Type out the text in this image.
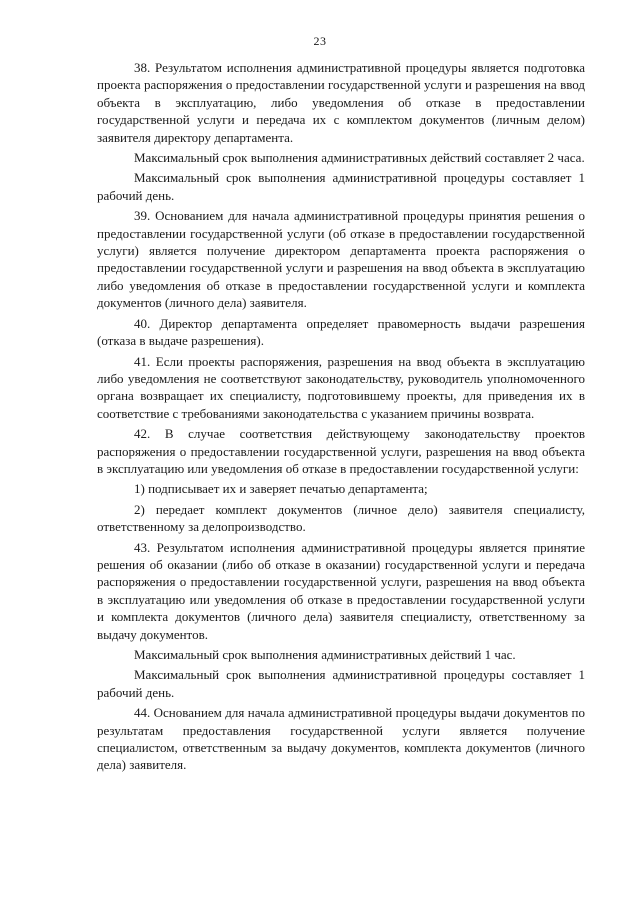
23

38. Результатом исполнения административной процедуры является подготовка проекта распоряжения о предоставлении государственной услуги и разрешения на ввод объекта в эксплуатацию, либо уведомления об отказе в предоставлении государственной услуги и передача их с комплектом документов (личным делом) заявителя директору департамента.

Максимальный срок выполнения административных действий составляет 2 часа.

Максимальный срок выполнения административной процедуры составляет 1 рабочий день.

39. Основанием для начала административной процедуры принятия решения о предоставлении государственной услуги (об отказе в предоставлении государственной услуги) является получение директором департамента проекта распоряжения о предоставлении государственной услуги и разрешения на ввод объекта в эксплуатацию либо уведомления об отказе в предоставлении государственной услуги и комплекта документов (личного дела) заявителя.

40. Директор департамента определяет правомерность выдачи разрешения (отказа в выдаче разрешения).

41. Если проекты распоряжения, разрешения на ввод объекта в эксплуатацию либо уведомления не соответствуют законодательству, руководитель уполномоченного органа возвращает их специалисту, подготовившему проекты, для приведения их в соответствие с требованиями законодательства с указанием причины возврата.

42. В случае соответствия действующему законодательству проектов распоряжения о предоставлении государственной услуги, разрешения на ввод объекта в эксплуатацию или уведомления об отказе в предоставлении государственной услуги:

1) подписывает их и заверяет печатью департамента;

2) передает комплект документов (личное дело) заявителя специалисту, ответственному за делопроизводство.

43. Результатом исполнения административной процедуры является принятие решения об оказании (либо об отказе в оказании) государственной услуги и передача распоряжения о предоставлении государственной услуги, разрешения на ввод объекта в эксплуатацию или уведомления об отказе в предоставлении государственной услуги и комплекта документов (личного дела) заявителя специалисту, ответственному за выдачу документов.

Максимальный срок выполнения административных действий 1 час.

Максимальный срок выполнения административной процедуры составляет 1 рабочий день.

44. Основанием для начала административной процедуры выдачи документов по результатам предоставления государственной услуги является получение специалистом, ответственным за выдачу документов, комплекта документов (личного дела) заявителя.
